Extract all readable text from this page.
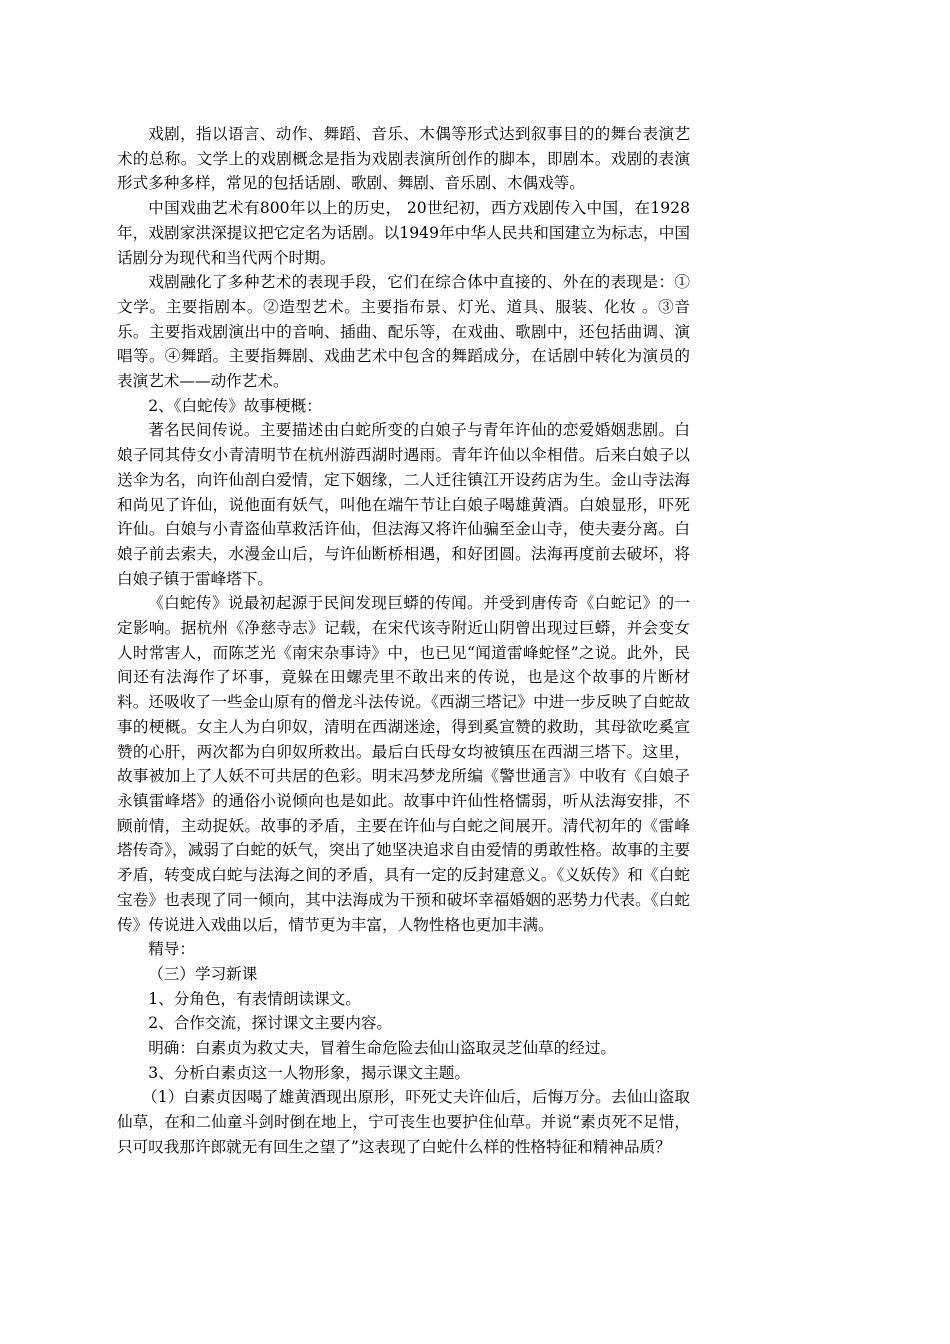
戏剧，指以语言、动作、舞蹈、音乐、木偶等形式达到叙事目的的舞台表演艺术的总称。文学上的戏剧概念是指为戏剧表演所创作的脚本，即剧本。戏剧的表演形式多种多样，常见的包括话剧、歌剧、舞剧、音乐剧、木偶戏等。

中国戏曲艺术有800年以上的历史， 20世纪初，西方戏剧传入中国，在1928年，戏剧家洪深提议把它定名为话剧。以1949年中华人民共和国建立为标志，中国话剧分为现代和当代两个时期。

戏剧融化了多种艺术的表现手段，它们在综合体中直接的、外在的表现是：①文学。主要指剧本。②造型艺术。主要指布景、灯光、道具、服装、化妆 。③音乐。主要指戏剧演出中的音响、插曲、配乐等，在戏曲、歌剧中，还包括曲调、演唱等。④舞蹈。主要指舞剧、戏曲艺术中包含的舞蹈成分，在话剧中转化为演员的表演艺术——动作艺术。

2、《白蛇传》故事梗概：

著名民间传说。主要描述由白蛇所变的白娘子与青年许仙的恋爱婚姻悲剧。白娘子同其侍女小青清明节在杭州游西湖时遇雨。青年许仙以伞相借。后来白娘子以送伞为名，向许仙剖白爱情，定下姻缘，二人迁往镇江开设药店为生。金山寺法海和尚见了许仙，说他面有妖气，叫他在端午节让白娘子喝雄黄酒。白娘显形，吓死许仙。白娘与小青盗仙草救活许仙，但法海又将许仙骗至金山寺，使夫妻分离。白娘子前去索夫，水漫金山后，与许仙断桥相遇，和好团圆。法海再度前去破坏，将白娘子镇于雷峰塔下。

《白蛇传》说最初起源于民间发现巨蟒的传闻。并受到唐传奇《白蛇记》的一定影响。据杭州《净慈寺志》记载，在宋代该寺附近山阴曾出现过巨蟒，并会变女人时常害人，而陈芝光《南宋杂事诗》中，也已见“闻道雷峰蛇怪”之说。此外，民间还有法海作了坏事，竟躲在田螺壳里不敢出来的传说，也是这个故事的片断材料。还吸收了一些金山原有的僧龙斗法传说。《西湖三塔记》中进一步反映了白蛇故事的梗概。女主人为白卯奴，清明在西湖迷途，得到奚宣赞的救助，其母欲吃奚宣赞的心肝，两次都为白卯奴所救出。最后白氏母女均被镇压在西湖三塔下。这里，故事被加上了人妖不可共居的色彩。明末冯梦龙所编《警世通言》中收有《白娘子永镇雷峰塔》的通俗小说倾向也是如此。故事中许仙性格懦弱，听从法海安排，不顾前情，主动捉妖。故事的矛盾，主要在许仙与白蛇之间展开。清代初年的《雷峰塔传奇》，减弱了白蛇的妖气，突出了她坚决追求自由爱情的勇敢性格。故事的主要矛盾，转变成白蛇与法海之间的矛盾，具有一定的反封建意义。《义妖传》和《白蛇宝卷》也表现了同一倾向，其中法海成为干预和破坏幸福婚姻的恶势力代表。《白蛇传》传说进入戏曲以后，情节更为丰富，人物性格也更加丰满。

精导：

（三）学习新课

1、分角色，有表情朗读课文。

2、合作交流，探讨课文主要内容。

明确：白素贞为救丈夫，冒着生命危险去仙山盗取灵芝仙草的经过。

3、分析白素贞这一人物形象，揭示课文主题。

（1）白素贞因喝了雄黄酒现出原形，吓死丈夫许仙后，后悔万分。去仙山盗取仙草，在和二仙童斗剑时倒在地上，宁可丧生也要护住仙草。并说“素贞死不足惜，只可叹我那许郎就无有回生之望了”这表现了白蛇什么样的性格特征和精神品质？
